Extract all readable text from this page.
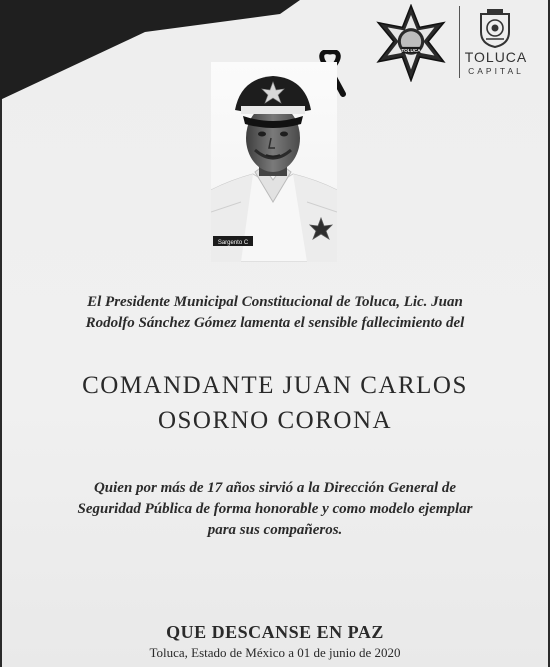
TOLUCA	TOLUCA
CAPITAL
Sargento C

El Presidente Municipal Constitucional de Toluca, Lic. Juan
Rodolfo Sánchez Gómez lamenta el sensible fallecimiento del

COMANDANTE JUAN CARLOS
OSORNO CORONA

Quien por más de 17 años sirvió a la Dirección General de
Seguridad Pública de forma honorable y como modelo ejemplar
para sus compañeros.

QUE DESCANSE EN PAZ
Toluca, Estado de México a 01 de junio de 2020
